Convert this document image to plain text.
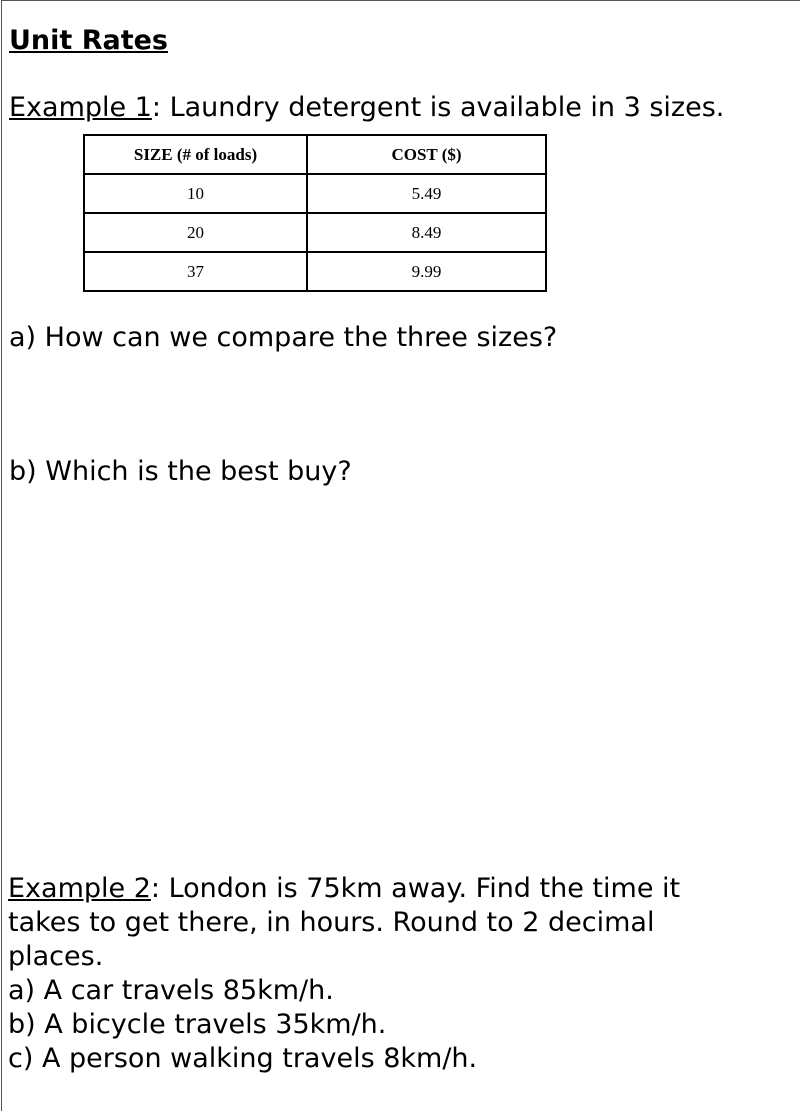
Unit Rates

Example 1: Laundry detergent is available in 3 sizes.

SIZE (# of loads)	COST ($)
10	5.49
20	8.49
37	9.99

a) How can we compare the three sizes?

b) Which is the best buy?

Example 2: London is 75km away. Find the time it
takes to get there, in hours. Round to 2 decimal
places.
a) A car travels 85km/h.
b) A bicycle travels 35km/h.
c) A person walking travels 8km/h.
